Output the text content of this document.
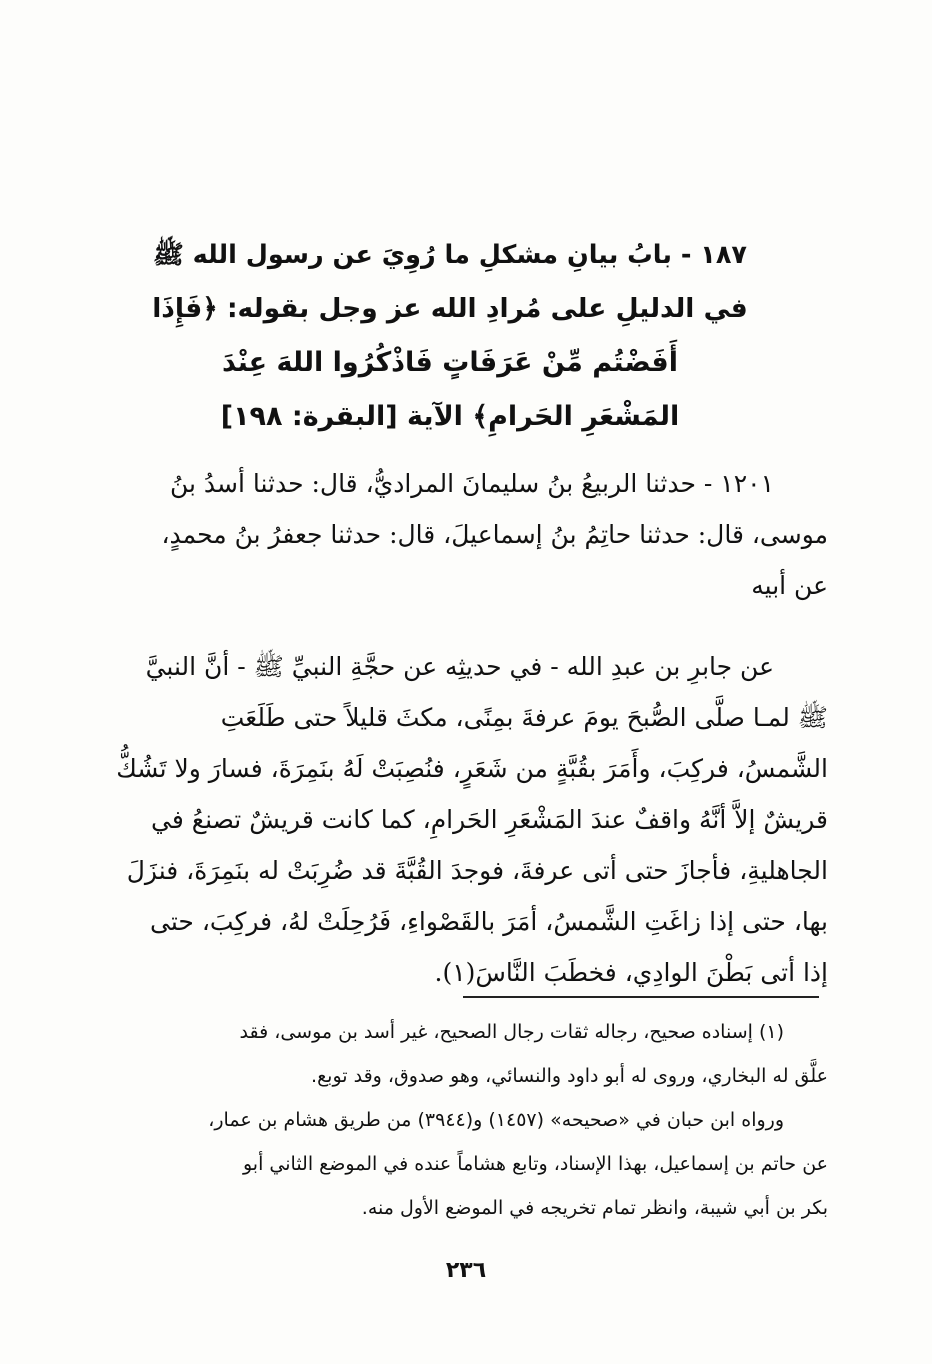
١٨٧ - بابُ بيانِ مشكلِ ما رُوِيَ عن رسول الله ﷺ
في الدليلِ على مُرادِ الله عز وجل بقوله: ﴿فَإِذَا
أَفَضْتُم مِّنْ عَرَفَاتٍ فَاذْكُرُوا اللهَ عِنْدَ
المَشْعَرِ الحَرامِ﴾ الآية [البقرة: ١٩٨]
١٢٠١ - حدثنا الربيعُ بنُ سليمانَ المراديُّ، قال: حدثنا أسدُ بنُ
موسى، قال: حدثنا حاتِمُ بنُ إسماعيلَ، قال: حدثنا جعفرُ بنُ محمدٍ،
عن أبيه
عن جابرِ بن عبدِ الله - في حديثِه عن حجَّةِ النبيِّ ﷺ - أنَّ النبيَّ
ﷺ لمـا صلَّى الصُّبحَ يومَ عرفةَ بمِنًى، مكثَ قليلاً حتى طَلَعَتِ
الشَّمسُ، فركِبَ، وأَمَرَ بقُبَّةٍ من شَعَرٍ، فنُصِبَتْ لَهُ بنَمِرَةَ، فسارَ ولا تَشُكُّ
قريشٌ إلاَّ أنَّهُ واقفٌ عندَ المَشْعَرِ الحَرامِ، كما كانت قريشٌ تصنعُ في
الجاهليةِ، فأجازَ حتى أتى عرفةَ، فوجدَ القُبَّةَ قد ضُرِبَتْ له بنَمِرَةَ، فنزَلَ
بها، حتى إذا زاغَتِ الشَّمسُ، أمَرَ بالقَصْواءِ، فَرُحِلَتْ لهُ، فركِبَ، حتى
إذا أتى بَطْنَ الوادِي، فخطَبَ النَّاسَ(١).
(١) إسناده صحيح، رجاله ثقات رجال الصحيح، غير أسد بن موسى، فقد
علَّق له البخاري، وروى له أبو داود والنسائي، وهو صدوق، وقد توبع.
ورواه ابن حبان في «صحيحه» (١٤٥٧) و(٣٩٤٤) من طريق هشام بن عمار،
عن حاتم بن إسماعيل، بهذا الإسناد، وتابع هشاماً عنده في الموضع الثاني أبو
بكر بن أبي شيبة، وانظر تمام تخريجه في الموضع الأول منه.
٢٣٦
